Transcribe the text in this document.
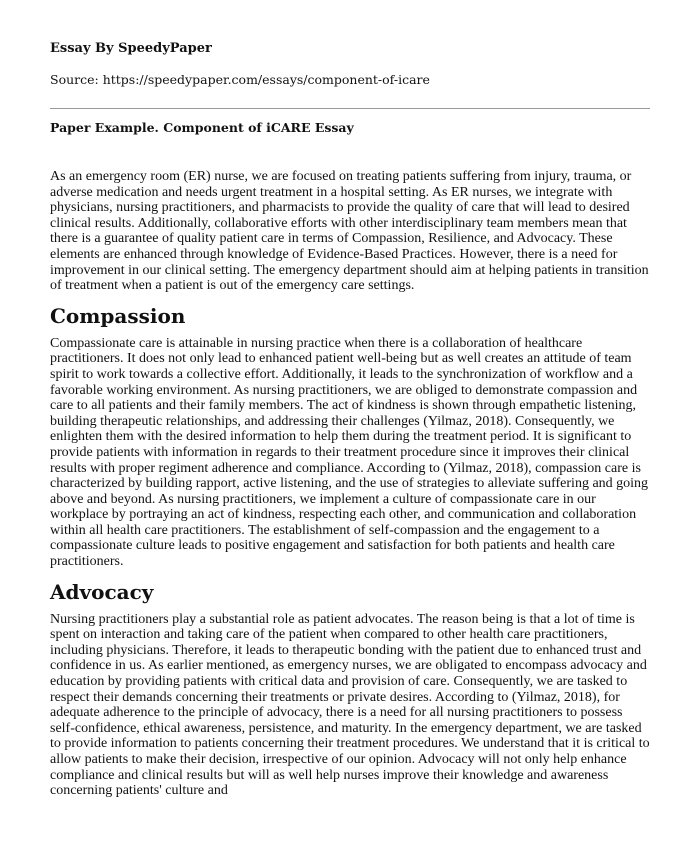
Essay By SpeedyPaper
Source: https://speedypaper.com/essays/component-of-icare
Paper Example. Component of iCARE Essay

As an emergency room (ER) nurse, we are focused on treating patients suffering from injury, trauma, or adverse medication and needs urgent treatment in a hospital setting. As ER nurses, we integrate with physicians, nursing practitioners, and pharmacists to provide the quality of care that will lead to desired clinical results. Additionally, collaborative efforts with other interdisciplinary team members mean that there is a guarantee of quality patient care in terms of Compassion, Resilience, and Advocacy. These elements are enhanced through knowledge of Evidence-Based Practices. However, there is a need for improvement in our clinical setting. The emergency department should aim at helping patients in transition of treatment when a patient is out of the emergency care settings.

Compassion

Compassionate care is attainable in nursing practice when there is a collaboration of healthcare practitioners. It does not only lead to enhanced patient well-being but as well creates an attitude of team spirit to work towards a collective effort. Additionally, it leads to the synchronization of workflow and a favorable working environment. As nursing practitioners, we are obliged to demonstrate compassion and care to all patients and their family members. The act of kindness is shown through empathetic listening, building therapeutic relationships, and addressing their challenges (Yilmaz, 2018). Consequently, we enlighten them with the desired information to help them during the treatment period. It is significant to provide patients with information in regards to their treatment procedure since it improves their clinical results with proper regiment adherence and compliance. According to (Yilmaz, 2018), compassion care is characterized by building rapport, active listening, and the use of strategies to alleviate suffering and going above and beyond. As nursing practitioners, we implement a culture of compassionate care in our workplace by portraying an act of kindness, respecting each other, and communication and collaboration within all health care practitioners. The establishment of self-compassion and the engagement to a compassionate culture leads to positive engagement and satisfaction for both patients and health care practitioners.

Advocacy

Nursing practitioners play a substantial role as patient advocates. The reason being is that a lot of time is spent on interaction and taking care of the patient when compared to other health care practitioners, including physicians. Therefore, it leads to therapeutic bonding with the patient due to enhanced trust and confidence in us. As earlier mentioned, as emergency nurses, we are obligated to encompass advocacy and education by providing patients with critical data and provision of care. Consequently, we are tasked to respect their demands concerning their treatments or private desires. According to (Yilmaz, 2018), for adequate adherence to the principle of advocacy, there is a need for all nursing practitioners to possess self-confidence, ethical awareness, persistence, and maturity. In the emergency department, we are tasked to provide information to patients concerning their treatment procedures. We understand that it is critical to allow patients to make their decision, irrespective of our opinion. Advocacy will not only help enhance compliance and clinical results but will as well help nurses improve their knowledge and awareness concerning patients' culture and
